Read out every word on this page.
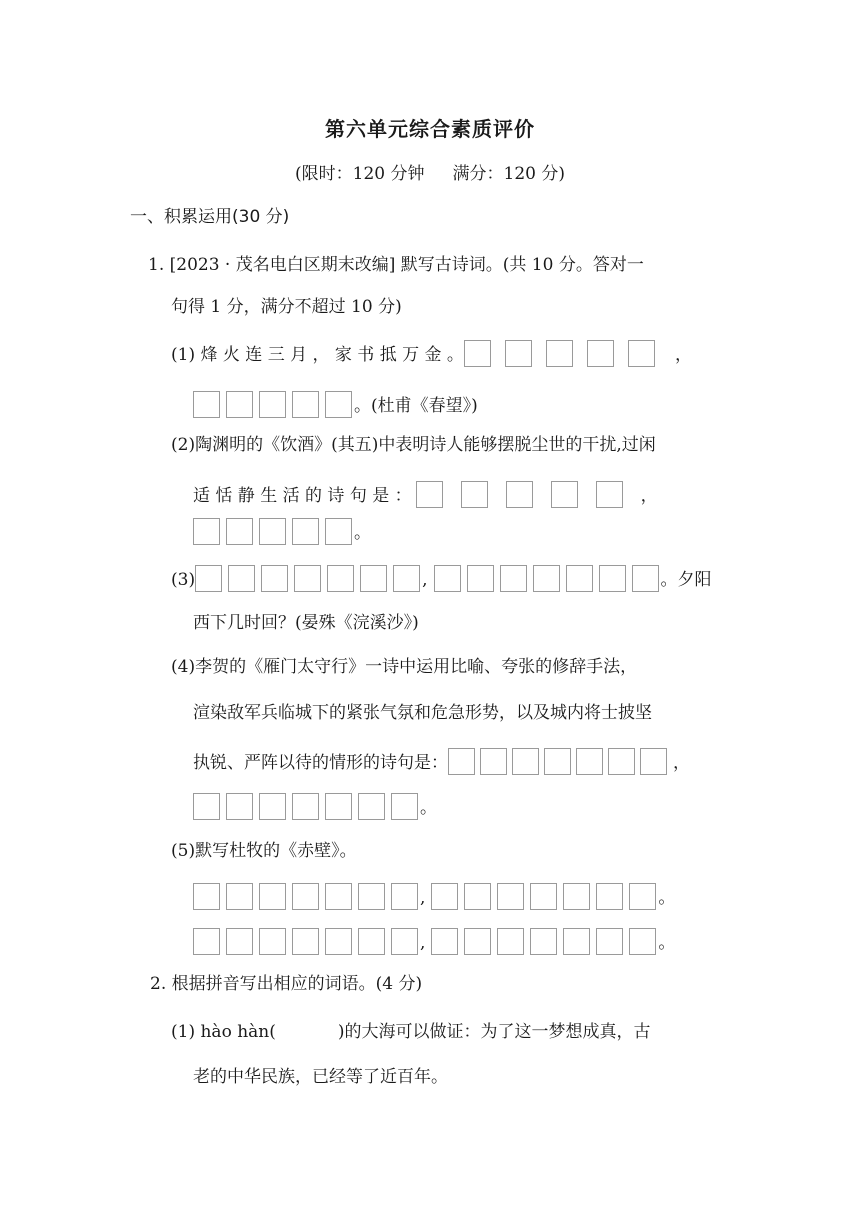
第六单元综合素质评价
(限时：120 分钟 满分：120 分)
一、积累运用(30 分)
1. [2023 · 茂名电白区期末改编] 默写古诗词。(共 10 分。答对一
句得 1 分，满分不超过 10 分)
(1) 烽 火 连 三 月 ， 家 书 抵 万 金 。	，
。(杜甫《春望》)
(2)陶渊明的《饮酒》(其五)中表明诗人能够摆脱尘世的干扰,过闲
适 恬 静 生 活 的 诗 句 是 ：	，
。
(3)	,	。夕阳
西下几时回？(晏殊《浣溪沙》)
(4)李贺的《雁门太守行》一诗中运用比喻、夸张的修辞手法，
渲染敌军兵临城下的紧张气氛和危急形势，以及城内将士披坚
执锐、严阵以待的情形的诗句是：	，
。
(5)默写杜牧的《赤壁》。
,	。
,	。
2. 根据拼音写出相应的词语。(4 分)
(1) hào hàn(	)的大海可以做证：为了这一梦想成真，古
老的中华民族，已经等了近百年。
